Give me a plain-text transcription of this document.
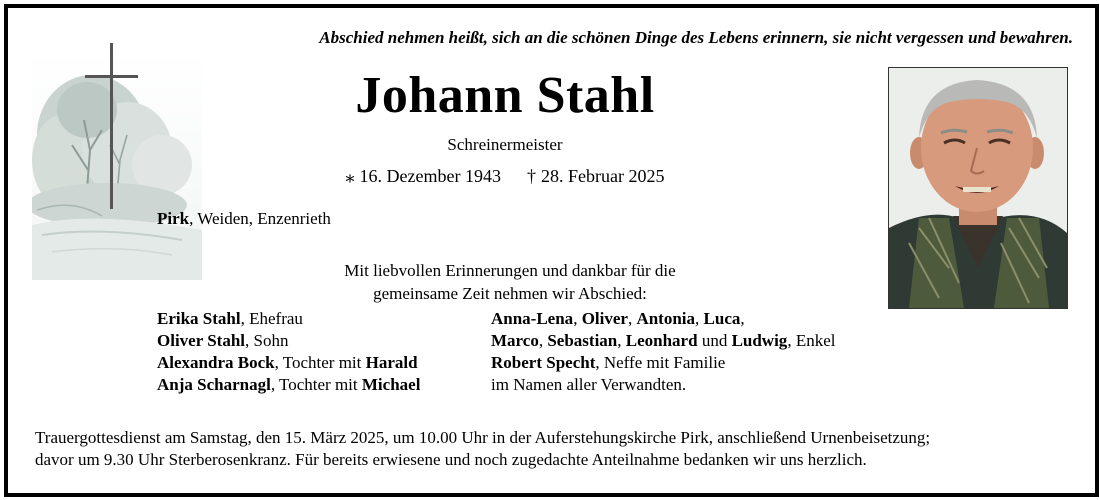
Abschied nehmen heißt, sich an die schönen Dinge des Lebens erinnern, sie nicht vergessen und bewahren.
Johann Stahl
Schreinermeister
⁎ 16. Dezember 1943 † 28. Februar 2025
Pirk, Weiden, Enzenrieth
Mit liebvollen Erinnerungen und dankbar für die
gemeinsame Zeit nehmen wir Abschied:
Erika Stahl, Ehefrau
Oliver Stahl, Sohn
Alexandra Bock, Tochter mit Harald
Anja Scharnagl, Tochter mit Michael
Anna-Lena, Oliver, Antonia, Luca,
Marco, Sebastian, Leonhard und Ludwig, Enkel
Robert Specht, Neffe mit Familie
im Namen aller Verwandten.
Trauergottesdienst am Samstag, den 15. März 2025, um 10.00 Uhr in der Auferstehungskirche Pirk, anschließend Urnenbeisetzung;
davor um 9.30 Uhr Sterberosenkranz. Für bereits erwiesene und noch zugedachte Anteilnahme bedanken wir uns herzlich.
